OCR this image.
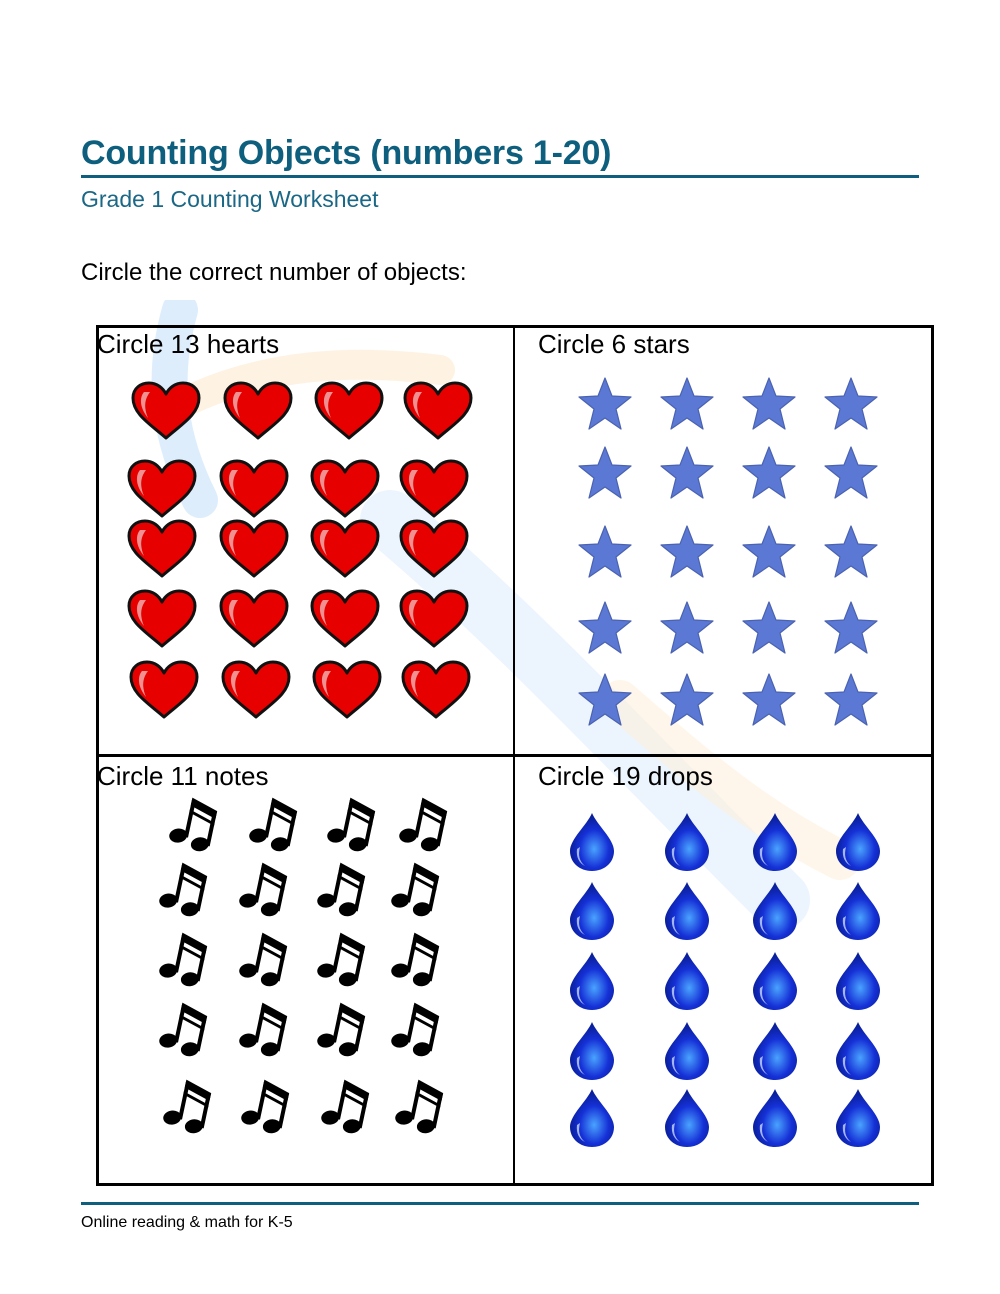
Counting Objects (numbers 1-20)
Grade 1 Counting Worksheet
Circle the correct number of objects:
Circle 13 hearts	Circle 6 stars
Circle 11 notes	Circle 19 drops
Online reading & math for K-5
